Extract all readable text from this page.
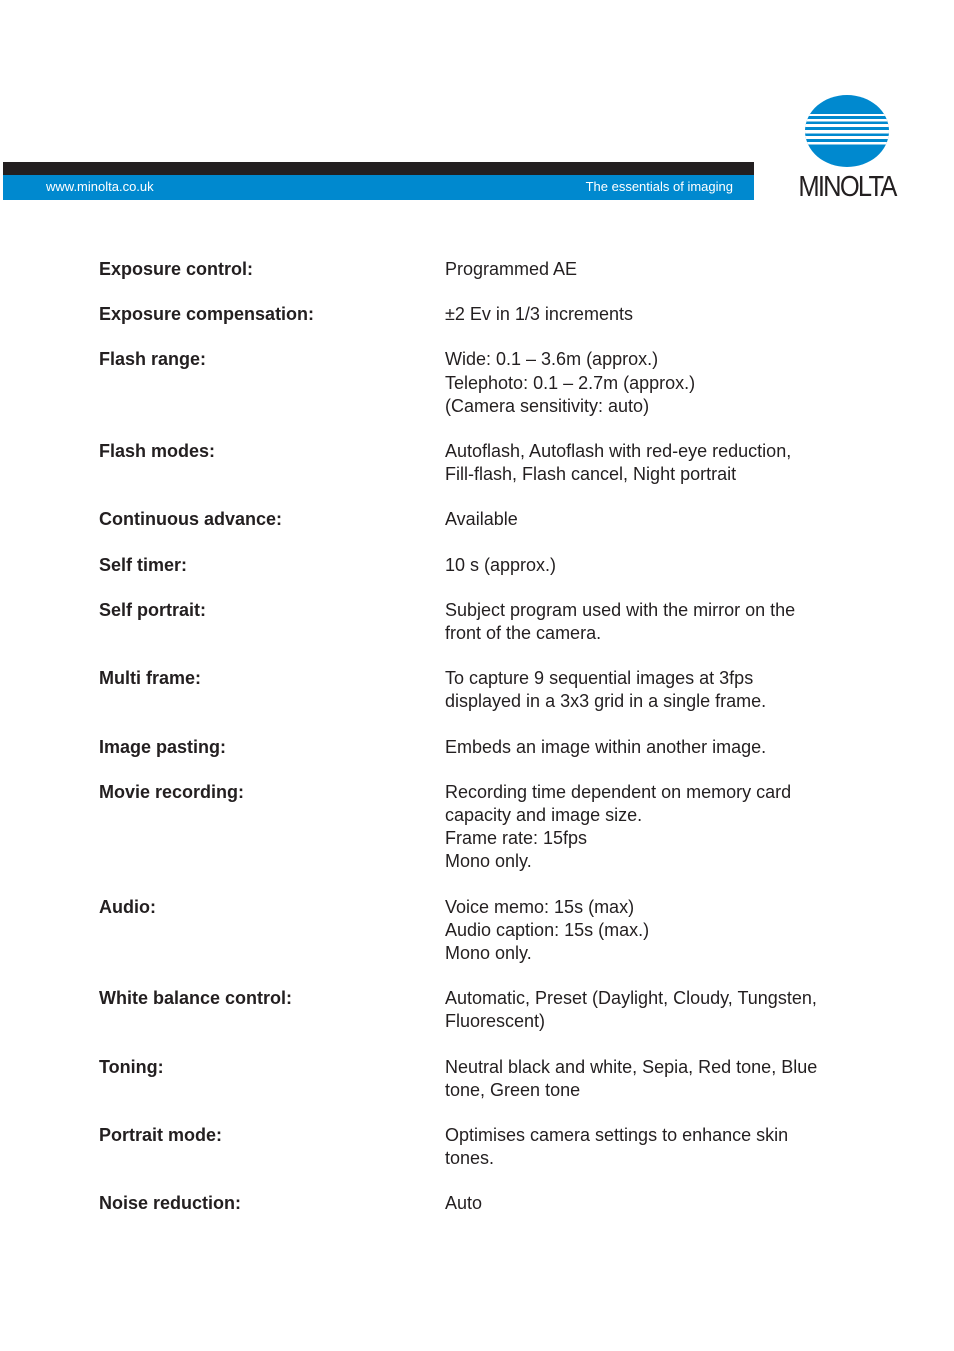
www.minolta.co.uk	The essentials of imaging MINOLTA
Exposure control:	Programmed AE
Exposure compensation:	±2 Ev in 1/3 increments
Flash range:	Wide: 0.1 – 3.6m (approx.)
Telephoto: 0.1 – 2.7m (approx.)
(Camera sensitivity: auto)
Flash modes:	Autoflash, Autoflash with red-eye reduction,
Fill-flash, Flash cancel, Night portrait
Continuous advance:	Available
Self timer:	10 s (approx.)
Self portrait:	Subject program used with the mirror on the
front of the camera.
Multi frame:	To capture 9 sequential images at 3fps
displayed in a 3x3 grid in a single frame.
Image pasting:	Embeds an image within another image.
Movie recording:	Recording time dependent on memory card
capacity and image size.
Frame rate: 15fps
Mono only.
Audio:	Voice memo: 15s (max)
Audio caption: 15s (max.)
Mono only.
White balance control:	Automatic, Preset (Daylight, Cloudy, Tungsten,
Fluorescent)
Toning:	Neutral black and white, Sepia, Red tone, Blue
tone, Green tone
Portrait mode:	Optimises camera settings to enhance skin
tones.
Noise reduction:	Auto
